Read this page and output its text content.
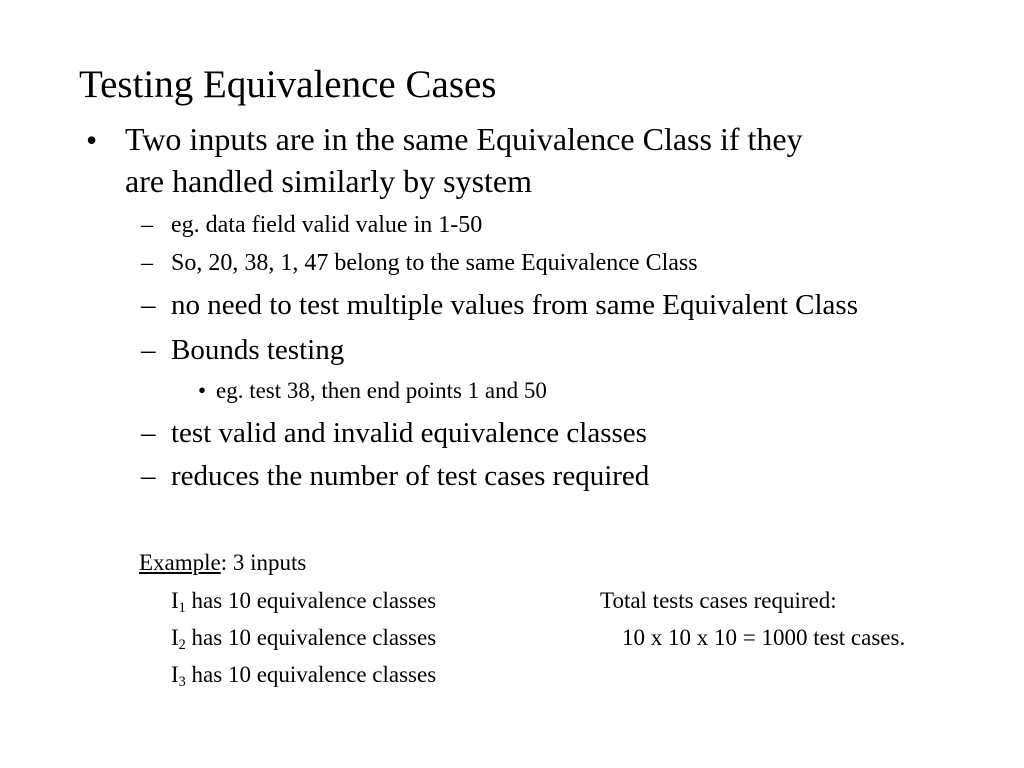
Testing Equivalence Cases
• Two inputs are in the same Equivalence Class if they
are handled similarly by system
– eg. data field valid value in 1-50
– So, 20, 38, 1, 47 belong to the same Equivalence Class
– no need to test multiple values from same Equivalent Class
– Bounds testing
• eg. test 38, then end points 1 and 50
– test valid and invalid equivalence classes
– reduces the number of test cases required
Example: 3 inputs
$I_1$ has 10 equivalence classes
$I_2$ has 10 equivalence classes
$I_3$ has 10 equivalence classes
Total tests cases required:
10 x 10 x 10 = 1000 test cases.
